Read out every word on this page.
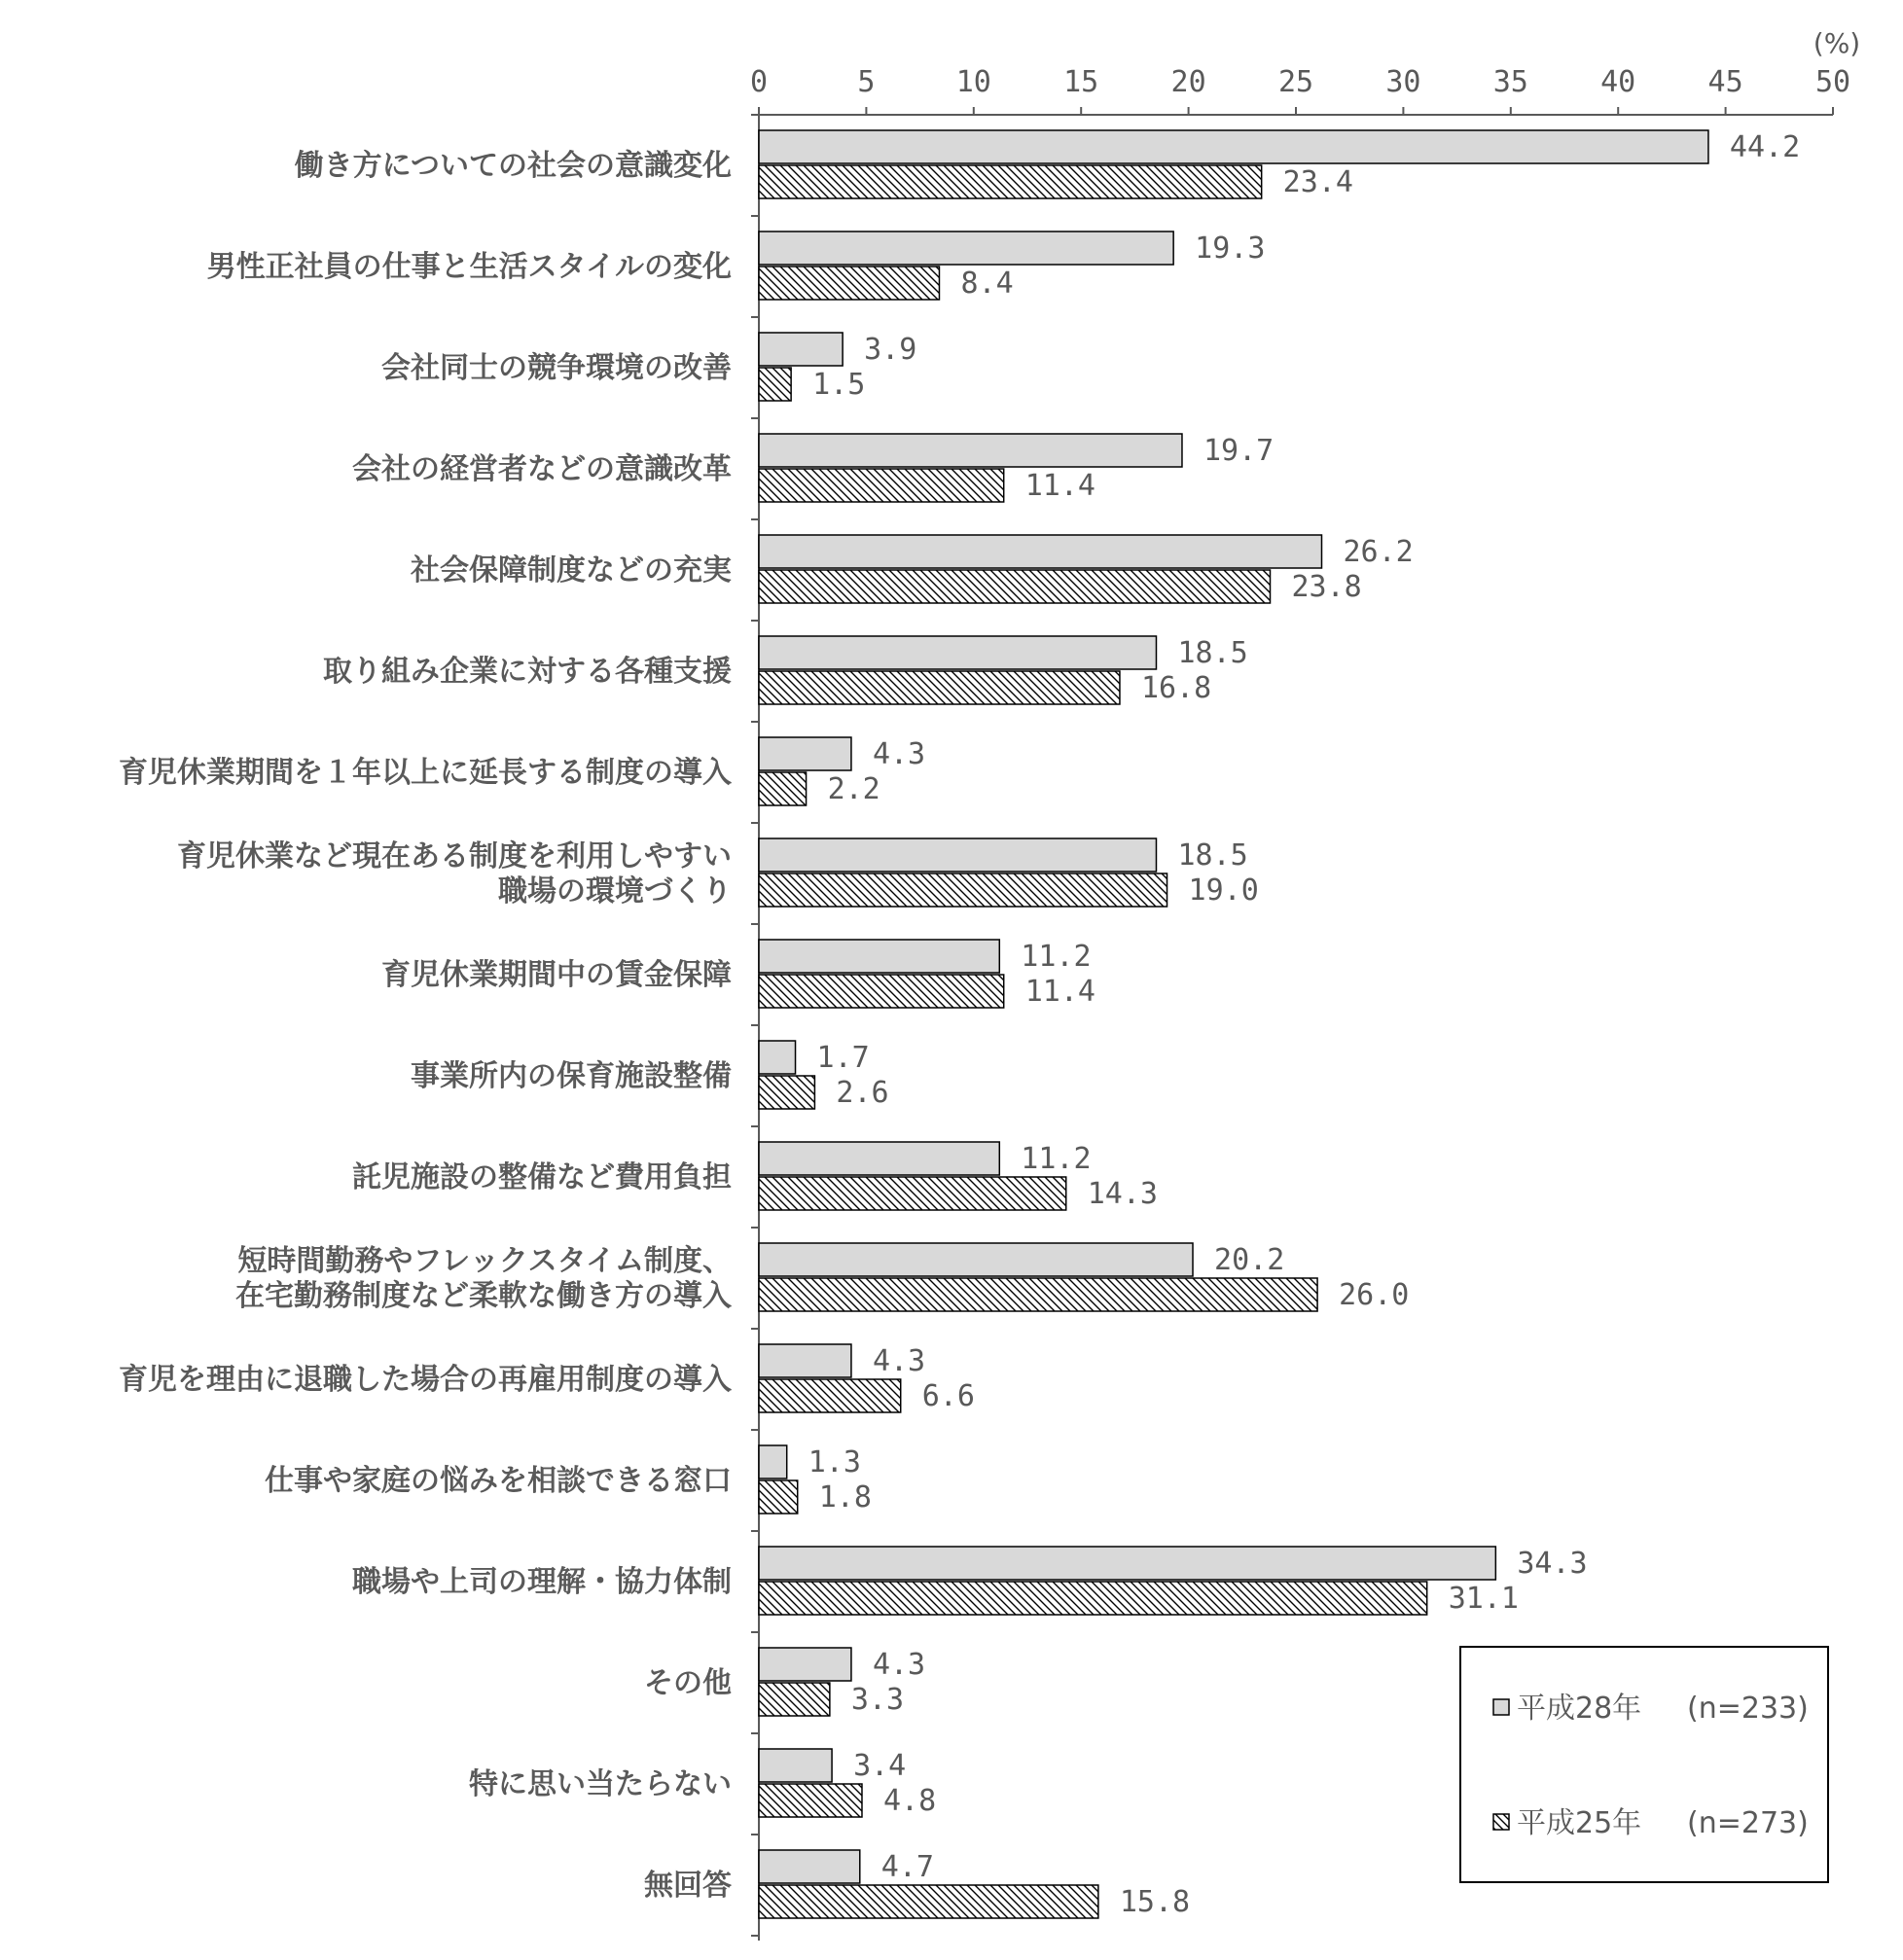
0	5	10 15 20 25 30 35 40 45 50
(%)
44.2
23.4
19.3
8.4
3.9
1.5
19.7
11.4
26.2
23.8
18.5
16.8
4.3
2.2
18.5
19.0
11.2
11.4
1.7
2.6
11.2
14.3
20.2
26.0
4.3
6.6
1.3
1.8
34.3
31.1
4.3
3.3
3.4
4.8
4.7
15.8
働き方についての社会の意識変化
男性正社員の仕事と生活スタイルの変化
会社同士の競争環境の改善
会社の経営者などの意識改革
社会保障制度などの充実
取り組み企業に対する各種支援
育児休業期間を１年以上に延長する制度の導入
育児休業など現在ある制度を利用しやすい
職場の環境づくり
育児休業期間中の賃金保障
事業所内の保育施設整備
託児施設の整備など費用負担
短時間勤務やフレックスタイム制度、
在宅勤務制度など柔軟な働き方の導入
育児を理由に退職した場合の再雇用制度の導入
仕事や家庭の悩みを相談できる窓口
職場や上司の理解・協力体制
その他
特に思い当たらない
無回答
平成28年 (n=233)
平成25年 (n=273)
